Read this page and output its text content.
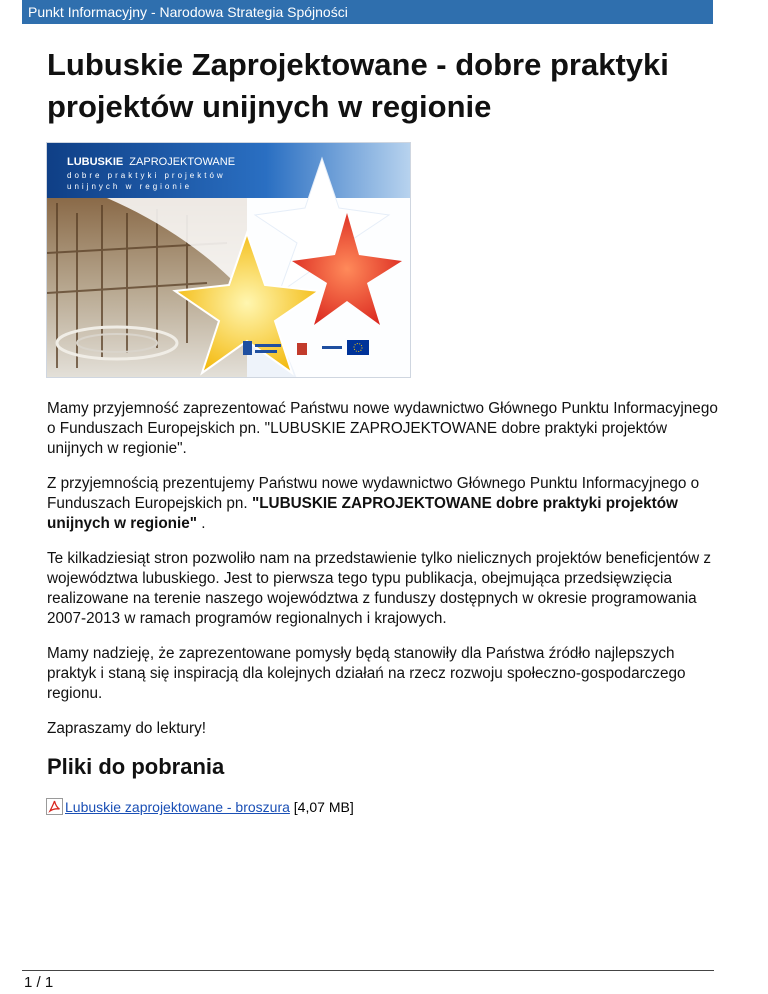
Punkt Informacyjny - Narodowa Strategia Spójności
Lubuskie Zaprojektowane - dobre praktyki projektów unijnych w regionie
LUBUSKIE ZAPROJEKTOWANE
dobre praktyki projektów
unijnych w regionie

Mamy przyjemność zaprezentować Państwu nowe wydawnictwo Głównego Punktu Informacyjnego o Funduszach Europejskich pn. "LUBUSKIE ZAPROJEKTOWANE dobre praktyki projektów unijnych w regionie".

Z przyjemnością prezentujemy Państwu nowe wydawnictwo Głównego Punktu Informacyjnego o Funduszach Europejskich pn. "LUBUSKIE ZAPROJEKTOWANE dobre praktyki projektów unijnych w regionie" .

Te kilkadziesiąt stron pozwoliło nam na przedstawienie tylko nielicznych projektów beneficjentów z województwa lubuskiego. Jest to pierwsza tego typu publikacja, obejmująca przedsięwzięcia realizowane na terenie naszego województwa z funduszy dostępnych w okresie programowania 2007-2013 w ramach programów regionalnych i krajowych.

Mamy nadzieję, że zaprezentowane pomysły będą stanowiły dla Państwa źródło najlepszych praktyk i staną się inspiracją dla kolejnych działań na rzecz rozwoju społeczno-gospodarczego regionu.

Zapraszamy do lektury!

Pliki do pobrania
Lubuskie zaprojektowane - broszura [4,07 MB]
1 / 1
